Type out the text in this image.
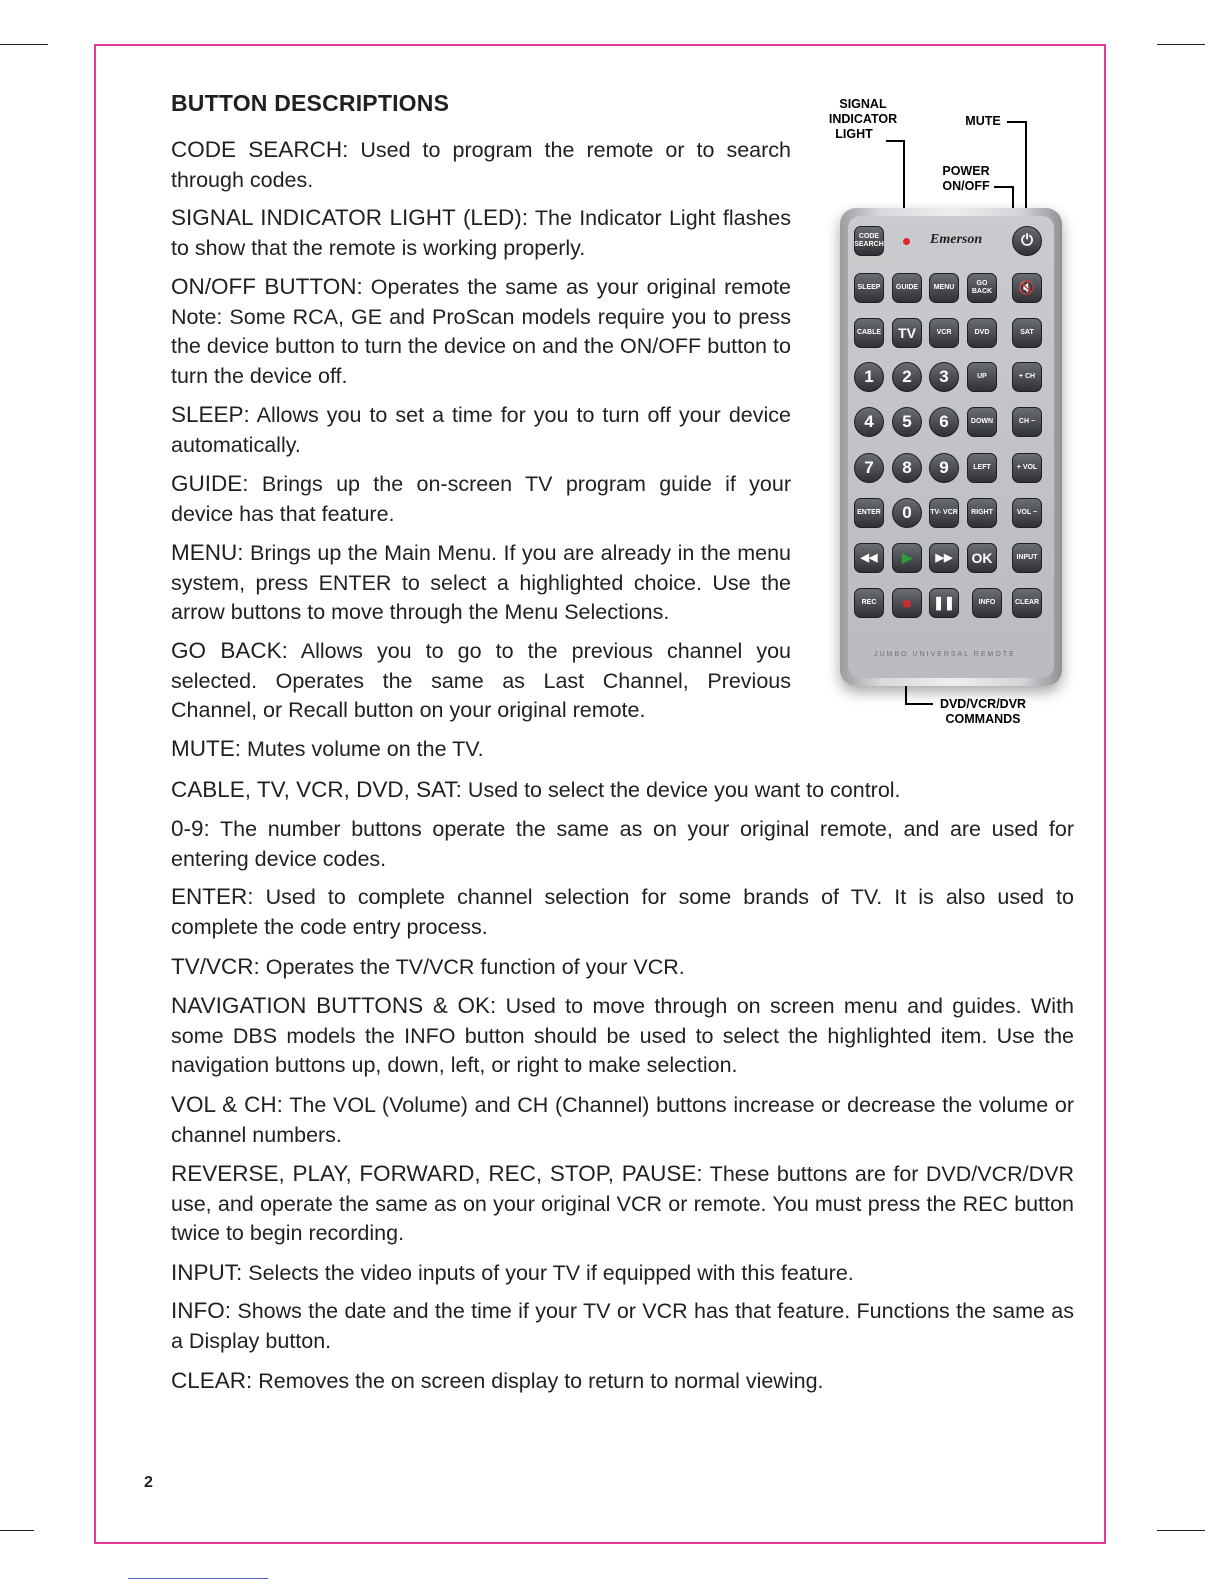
BUTTON DESCRIPTIONS

CODE SEARCH: Used to program the remote or to search through codes.

SIGNAL INDICATOR LIGHT (LED): The Indicator Light flashes to show that the remote is working properly.

ON/OFF BUTTON: Operates the same as your original remote Note: Some RCA, GE and ProScan models require you to press the device button to turn the device on and the ON/OFF button to turn the device off.

SLEEP: Allows you to set a time for you to turn off your device automatically.

GUIDE: Brings up the on-screen TV program guide if your device has that feature.

MENU: Brings up the Main Menu. If you are already in the menu system, press ENTER to select a highlighted choice. Use the arrow buttons to move through the Menu Selections.

GO BACK: Allows you to go to the previous channel you selected. Operates the same as Last Channel, Previous Channel, or Recall button on your original remote.

MUTE: Mutes volume on the TV.

CABLE, TV, VCR, DVD, SAT: Used to select the device you want to control.

0-9: The number buttons operate the same as on your original remote, and are used for entering device codes.

ENTER: Used to complete channel selection for some brands of TV. It is also used to complete the code entry process.

TV/VCR: Operates the TV/VCR function of your VCR.

NAVIGATION BUTTONS & OK: Used to move through on screen menu and guides. With some DBS models the INFO button should be used to select the highlighted item. Use the navigation buttons up, down, left, or right to make selection.

VOL & CH: The VOL (Volume) and CH (Channel) buttons increase or decrease the volume or channel numbers.

REVERSE, PLAY, FORWARD, REC, STOP, PAUSE: These buttons are for DVD/VCR/DVR use, and operate the same as on your original VCR or remote. You must press the REC button twice to begin recording.

INPUT: Selects the video inputs of your TV if equipped with this feature.

INFO: Shows the date and the time if your TV or VCR has that feature. Functions the same as a Display button.

CLEAR: Removes the on screen display to return to normal viewing.

SIGNAL
INDICATOR
LIGHT
MUTE
POWER
ON/OFF
DVD/VCR/DVR
COMMANDS
CODE SEARCH	Emerson	⏻
SLEEP	GUIDE	MENU
GO BACK	🔇
CABLE	TV	VCR	DVD	SAT
1	2	3	UP	+ CH
4	5	6	DOWN	CH −
7	8	9	LEFT	+ VOL
ENTER	0	TV- VCR	RIGHT	VOL −
◀◀	▶	▶▶	OK	INPUT
REC	■	❚❚	INFO	CLEAR
JUMBO UNIVERSAL REMOTE
2
